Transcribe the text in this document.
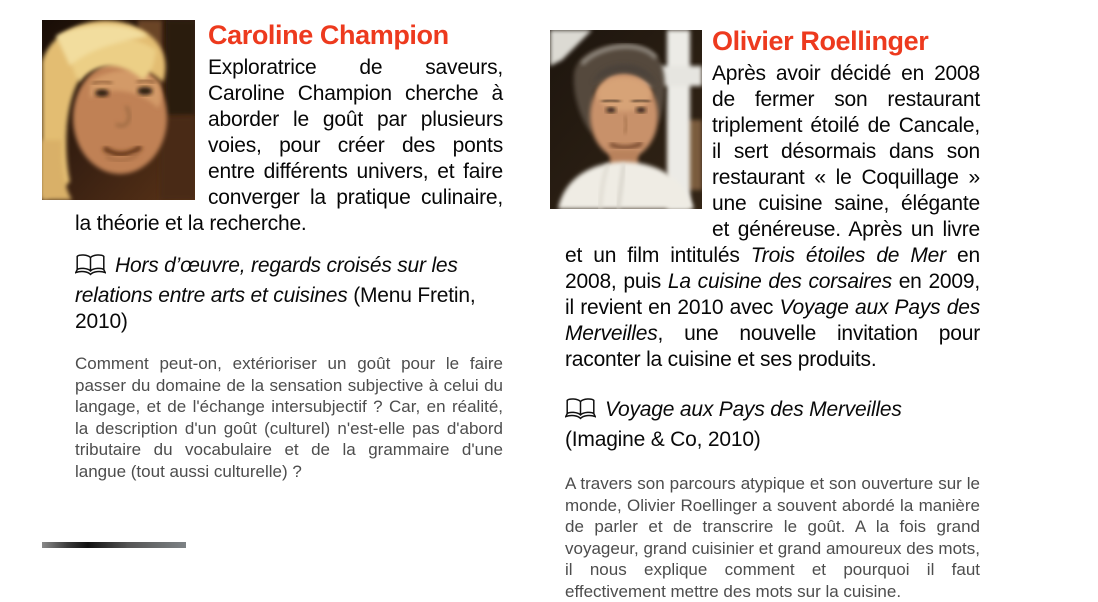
Caroline Champion

Exploratrice de saveurs, Caroline Champion cherche à aborder le goût par plusieurs voies, pour créer des ponts entre différents univers, et faire converger la pratique culinaire, la théorie et la recherche.

Hors d’œuvre, regards croisés sur les relations entre arts et cuisines (Menu Fretin, 2010)

Comment peut-on, extérioriser un goût pour le faire passer du domaine de la sensation subjective à celui du langage, et de l'échange intersubjectif ? Car, en réalité, la description d'un goût (culturel) n'est-elle pas d'abord tributaire du vocabulaire et de la grammaire d'une langue (tout aussi culturelle) ?

Olivier Roellinger

Après avoir décidé en 2008 de fermer son restaurant triplement étoilé de Cancale, il sert désormais dans son restaurant « le Coquillage » une cuisine saine, élégante et généreuse. Après un livre et un film intitulés Trois étoiles de Mer en 2008, puis La cuisine des corsaires en 2009, il revient en 2010 avec Voyage aux Pays des Merveilles, une nouvelle invitation pour raconter la cuisine et ses produits.

Voyage aux Pays des Merveilles
(Imagine & Co, 2010)

A travers son parcours atypique et son ouverture sur le monde, Olivier Roellinger a souvent abordé la manière de parler et de transcrire le goût. A la fois grand voyageur, grand cuisinier et grand amoureux des mots, il nous explique comment et pourquoi il faut effectivement mettre des mots sur la cuisine.
